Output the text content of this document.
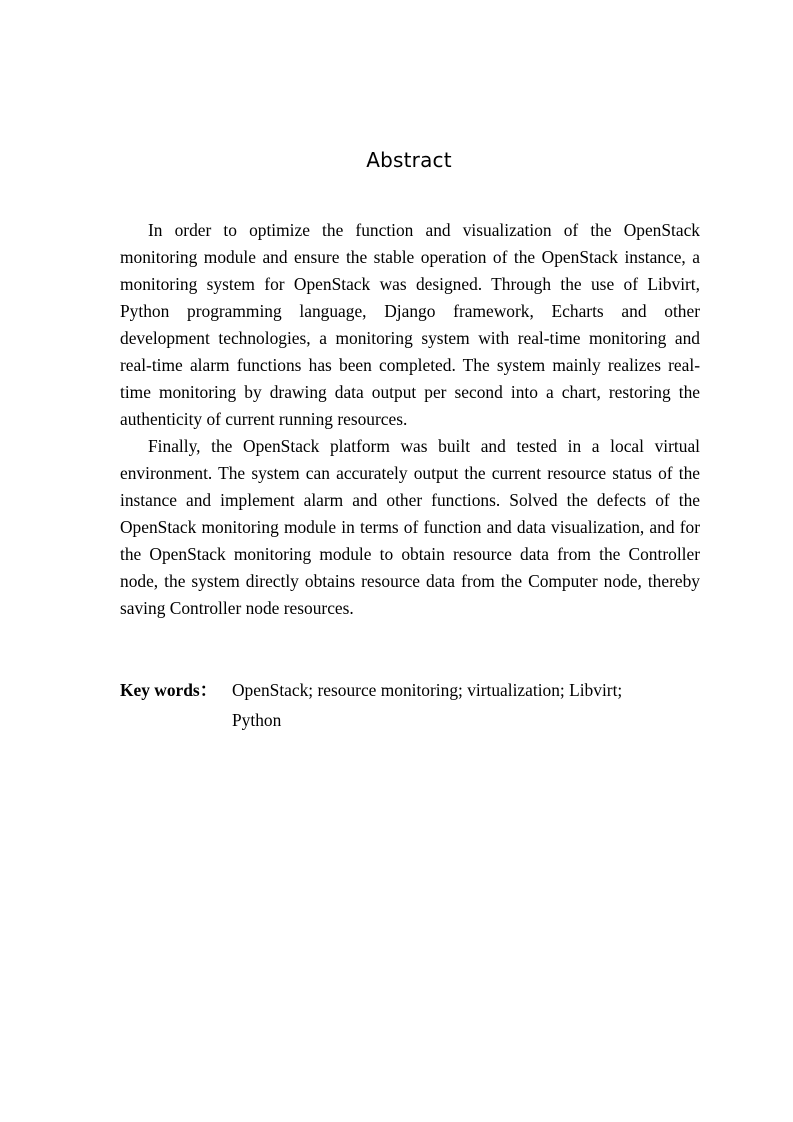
Abstract

In order to optimize the function and visualization of the OpenStack monitoring module and ensure the stable operation of the OpenStack instance, a monitoring system for OpenStack was designed. Through the use of Libvirt, Python programming language, Django framework, Echarts and other development technologies, a monitoring system with real-time monitoring and real-time alarm functions has been completed. The system mainly realizes real-time monitoring by drawing data output per second into a chart, restoring the authenticity of current running resources.

Finally, the OpenStack platform was built and tested in a local virtual environment. The system can accurately output the current resource status of the instance and implement alarm and other functions. Solved the defects of the OpenStack monitoring module in terms of function and data visualization, and for the OpenStack monitoring module to obtain resource data from the Controller node, the system directly obtains resource data from the Computer node, thereby saving Controller node resources.

Key words： OpenStack; resource monitoring; virtualization; Libvirt;
Python
